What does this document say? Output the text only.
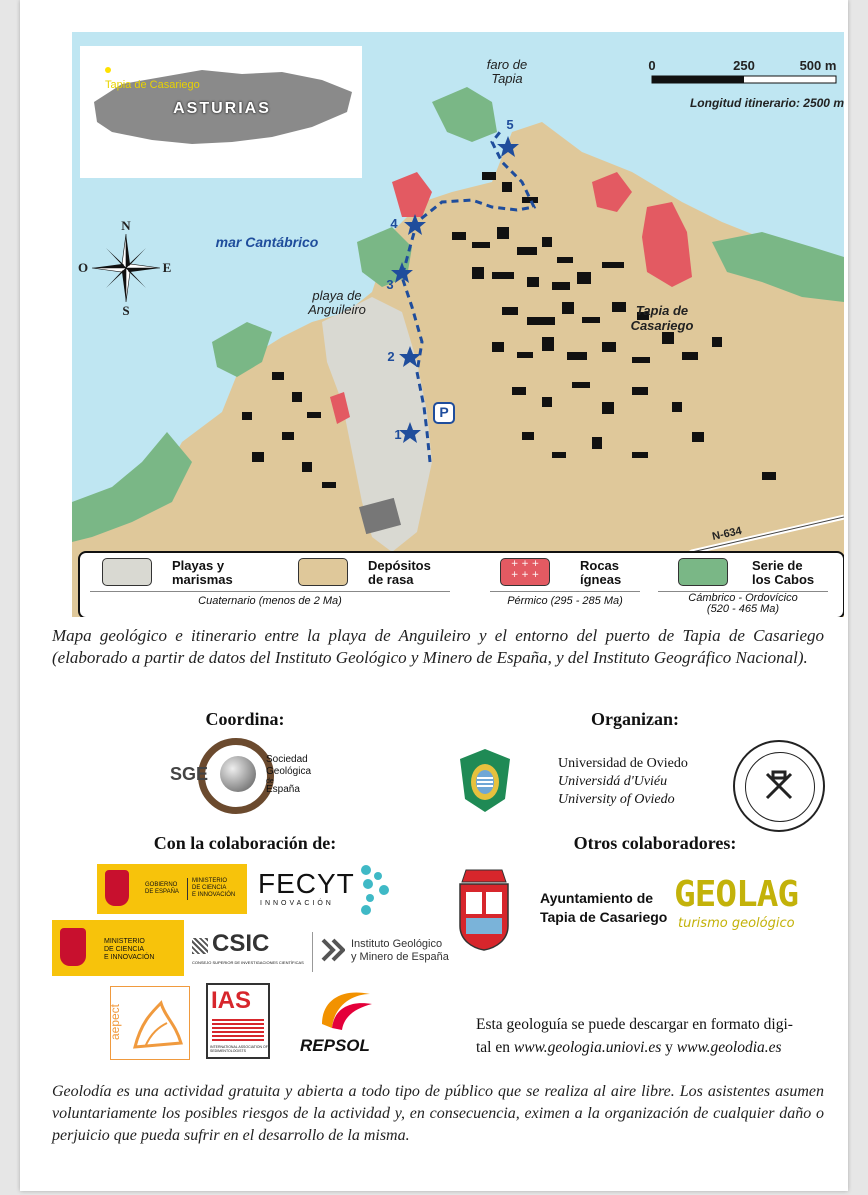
Tapia de Casariego
ASTURIAS
0	250	500 m
Longitud itinerario: 2500 m
faro de
Tapia
mar Cantábrico
playa de
Anguileiro	Tapia de
Casariego
N-634
N
S
E
O
P
1
2
3
4
5
Playas y
marismas
Depósitos
de rasa
+ + +
+ + +
Rocas
ígneas
Serie de
los Cabos
Cuaternario (menos de 2 Ma)	Pérmico (295 - 285 Ma)	Cámbrico - Ordovícico
(520 - 465 Ma)
Mapa geológico e itinerario entre la playa de Anguileiro y el entorno del puerto de Tapia de Casariego (elaborado a partir de datos del Instituto Geológico y Minero de España, y del Instituto Geográfico Nacional).
Coordina:	Organizan:
Con la colaboración de:	Otros colaboradores:
SGE
Sociedad
Geológica
de
España
Universidad de Oviedo
Universidá d'Uviéu
University of Oviedo
GOBIERNO
DE ESPAÑA
MINISTERIO
DE CIENCIA
E INNOVACIÓN FECYT
INNOVACIÓN
MINISTERIO
DE CIENCIA
E INNOVACIÓN
CSIC
CONSEJO SUPERIOR DE INVESTIGACIONES CIENTÍFICAS
Instituto Geológico
y Minero de España
aepect
IAS
INTERNATIONAL ASSOCIATION OF SEDIMENTOLOGISTS	REPSOL
Ayuntamiento de
Tapia de Casariego
GEOLAG
turismo geológico
Esta geologuía se puede descargar en formato digi-
tal en www.geologia.uniovi.es y www.geolodia.es
Geolodía es una actividad gratuita y abierta a todo tipo de público que se realiza al aire libre. Los asistentes asumen voluntariamente los posibles riesgos de la actividad y, en consecuencia, eximen a la organización de cualquier daño o perjuicio que pueda sufrir en el desarrollo de la misma.
